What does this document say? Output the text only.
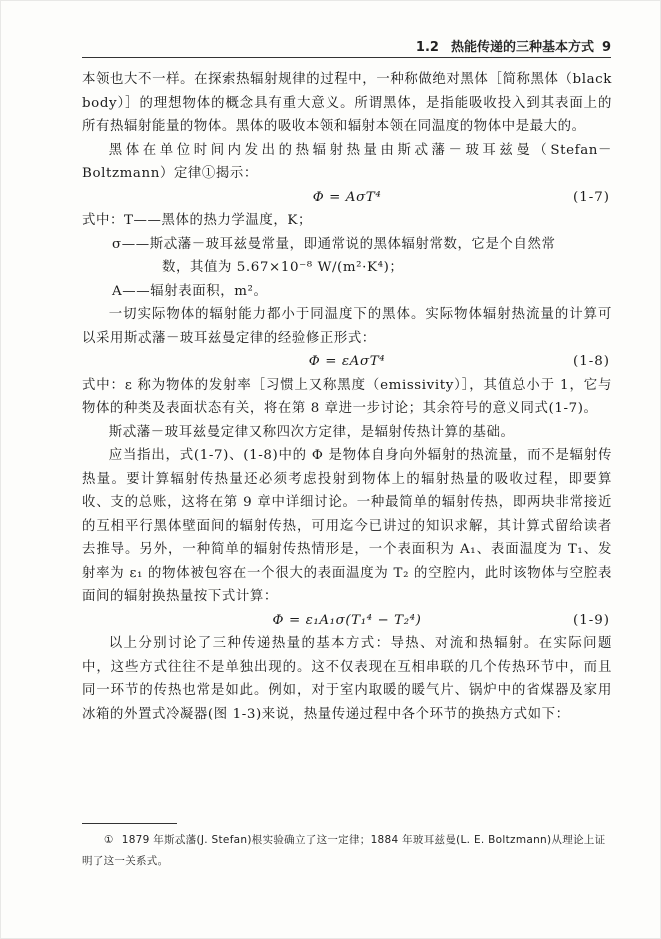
1.2 热能传递的三种基本方式 9

本领也大不一样。在探索热辐射规律的过程中，一种称做绝对黑体［简称黑体（black body）］的理想物体的概念具有重大意义。所谓黑体，是指能吸收投入到其表面上的所有热辐射能量的物体。黑体的吸收本领和辐射本领在同温度的物体中是最大的。

黑体在单位时间内发出的热辐射热量由斯忒藩－玻耳兹曼（Stefan－Boltzmann）定律①揭示：

Φ = AσT⁴	(1-7)

式中：T——黑体的热力学温度，K；

σ——斯忒藩－玻耳兹曼常量，即通常说的黑体辐射常数，它是个自然常

数，其值为 5.67×10⁻⁸ W/(m²·K⁴)；

A——辐射表面积，m²。

一切实际物体的辐射能力都小于同温度下的黑体。实际物体辐射热流量的计算可以采用斯忒藩－玻耳兹曼定律的经验修正形式：

Φ = εAσT⁴	(1-8)

式中：ε 称为物体的发射率［习惯上又称黑度（emissivity）］，其值总小于 1，它与物体的种类及表面状态有关，将在第 8 章进一步讨论；其余符号的意义同式(1-7)。

斯忒藩－玻耳兹曼定律又称四次方定律，是辐射传热计算的基础。

应当指出，式(1-7)、(1-8)中的 Φ 是物体自身向外辐射的热流量，而不是辐射传热量。要计算辐射传热量还必须考虑投射到物体上的辐射热量的吸收过程，即要算收、支的总账，这将在第 9 章中详细讨论。一种最简单的辐射传热，即两块非常接近的互相平行黑体壁面间的辐射传热，可用迄今已讲过的知识求解，其计算式留给读者去推导。另外，一种简单的辐射传热情形是，一个表面积为 A₁、表面温度为 T₁、发射率为 ε₁ 的物体被包容在一个很大的表面温度为 T₂ 的空腔内，此时该物体与空腔表面间的辐射换热量按下式计算：

Φ = ε₁A₁σ(T₁⁴ − T₂⁴)	(1-9)

以上分别讨论了三种传递热量的基本方式：导热、对流和热辐射。在实际问题中，这些方式往往不是单独出现的。这不仅表现在互相串联的几个传热环节中，而且同一环节的传热也常是如此。例如，对于室内取暖的暖气片、锅炉中的省煤器及家用冰箱的外置式冷凝器(图 1-3)来说，热量传递过程中各个环节的换热方式如下：

① 1879 年斯忒藩(J. Stefan)根实验确立了这一定律；1884 年玻耳兹曼(L. E. Boltzmann)从理论上证明了这一关系式。
